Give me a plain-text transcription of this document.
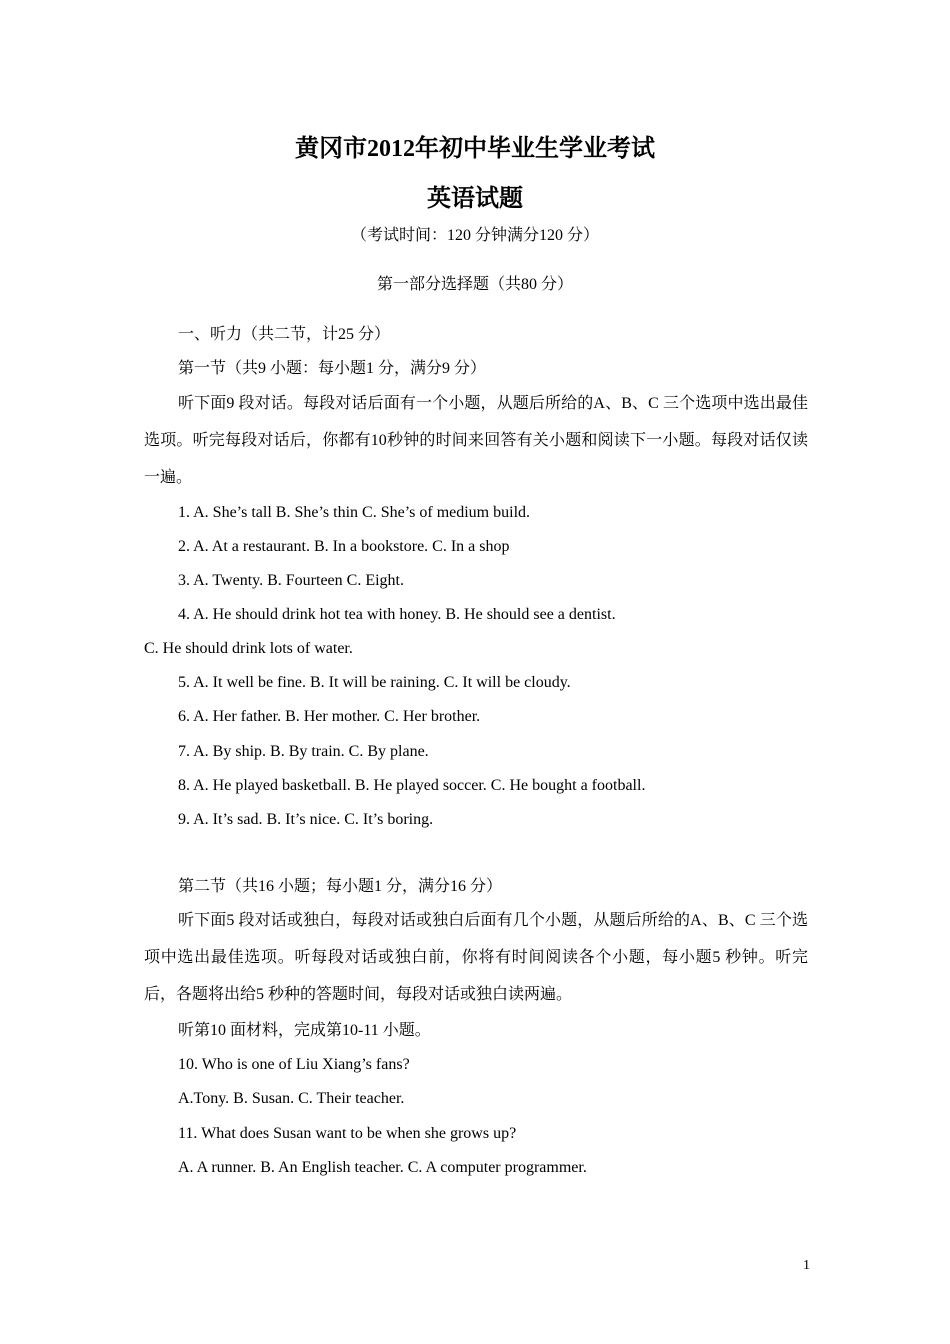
黄冈市2012年初中毕业生学业考试
英语试题
（考试时间：120 分钟满分120 分）
第一部分选择题（共80 分）
一、听力（共二节，计25 分）
第一节（共9 小题：每小题1 分，满分9 分）
听下面9 段对话。每段对话后面有一个小题，从题后所给的A、B、C 三个选项中选出最佳选项。听完每段对话后，你都有10秒钟的时间来回答有关小题和阅读下一小题。每段对话仅读一遍。
1. A. She’s tall B. She’s thin C. She’s of medium build.
2. A. At a restaurant. B. In a bookstore. C. In a shop
3. A. Twenty. B. Fourteen C. Eight.
4. A. He should drink hot tea with honey. B. He should see a dentist.
C. He should drink lots of water.
5. A. It well be fine. B. It will be raining. C. It will be cloudy.
6. A. Her father. B. Her mother. C. Her brother.
7. A. By ship. B. By train. C. By plane.
8. A. He played basketball. B. He played soccer. C. He bought a football.
9. A. It’s sad. B. It’s nice. C. It’s boring.
第二节（共16 小题；每小题1 分，满分16 分）
听下面5 段对话或独白，每段对话或独白后面有几个小题，从题后所给的A、B、C 三个选项中选出最佳选项。听每段对话或独白前，你将有时间阅读各个小题，每小题5 秒钟。听完后，各题将出给5 秒种的答题时间，每段对话或独白读两遍。
听第10 面材料，完成第10-11 小题。
10. Who is one of Liu Xiang’s fans?
A.Tony. B. Susan. C. Their teacher.
11. What does Susan want to be when she grows up?
A. A runner. B. An English teacher. C. A computer programmer.
1
